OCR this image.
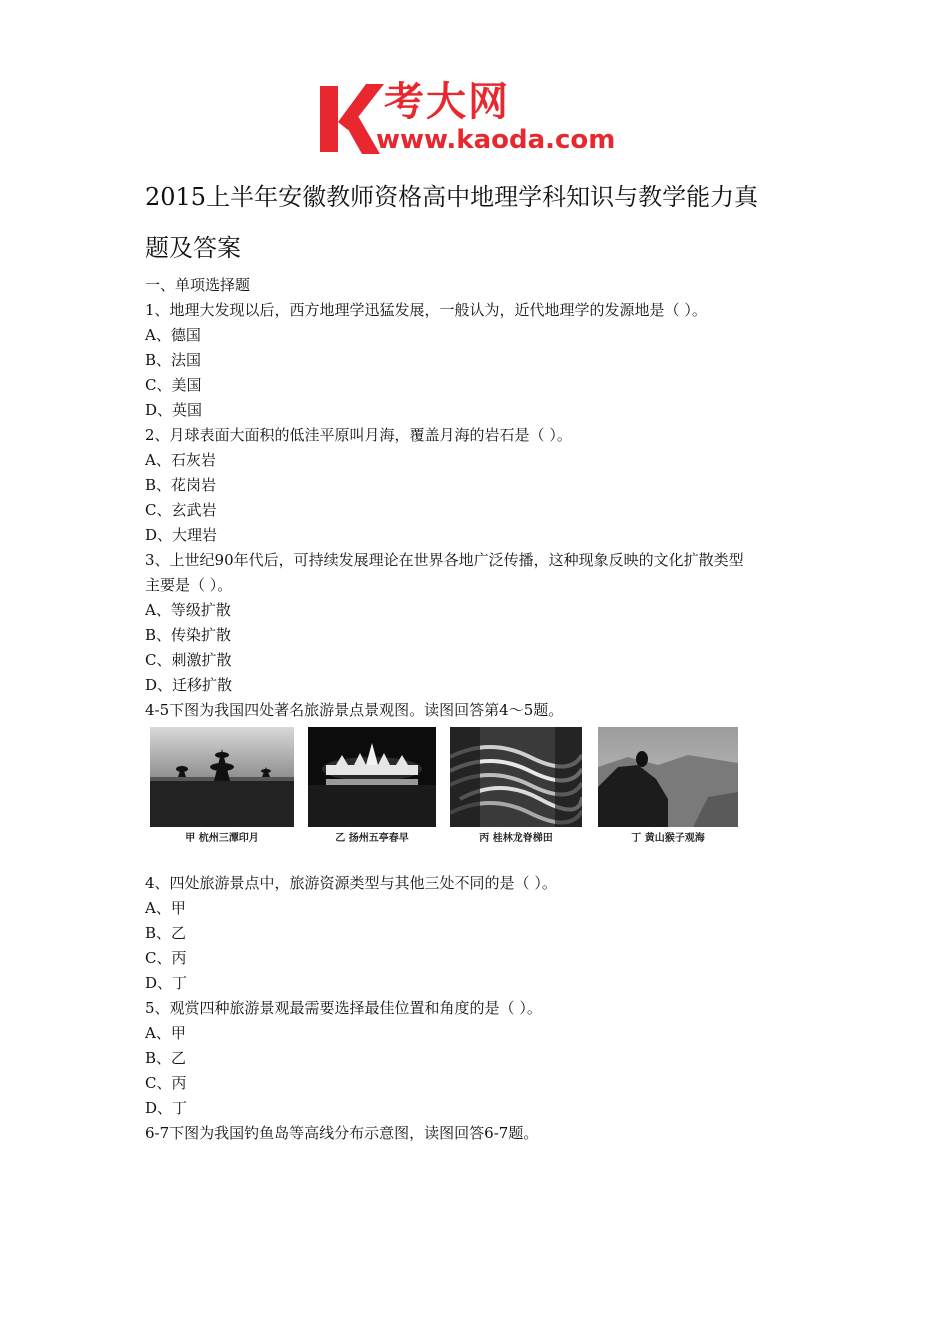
考大网
www.kaoda.com
2015上半年安徽教师资格高中地理学科知识与教学能力真
题及答案
一、单项选择题
1、地理大发现以后，西方地理学迅猛发展，一般认为，近代地理学的发源地是（ ）。
A、德国
B、法国
C、美国
D、英国
2、月球表面大面积的低洼平原叫月海，覆盖月海的岩石是（ ）。
A、石灰岩
B、花岗岩
C、玄武岩
D、大理岩
3、上世纪90年代后，可持续发展理论在世界各地广泛传播，这种现象反映的文化扩散类型
主要是（ ）。
A、等级扩散
B、传染扩散
C、刺激扩散
D、迁移扩散
4-5下图为我国四处著名旅游景点景观图。读图回答第4～5题。
甲 杭州三潭印月	乙 扬州五亭春早	丙 桂林龙脊梯田	丁 黄山猴子观海
4、四处旅游景点中，旅游资源类型与其他三处不同的是（ ）。
A、甲
B、乙
C、丙
D、丁
5、观赏四种旅游景观最需要选择最佳位置和角度的是（ ）。
A、甲
B、乙
C、丙
D、丁
6-7下图为我国钓鱼岛等高线分布示意图，读图回答6-7题。
